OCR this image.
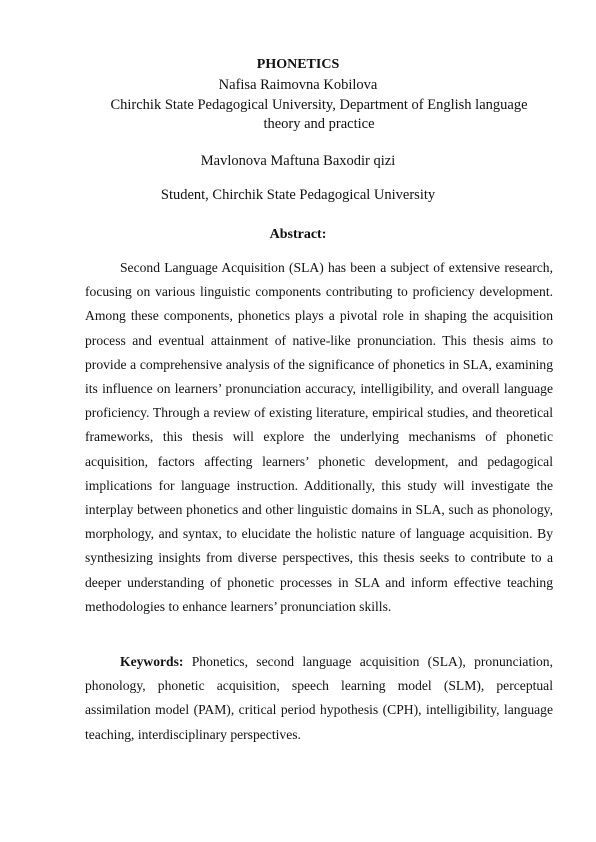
PHONETICS
Nafisa Raimovna Kobilova
Chirchik State Pedagogical University, Department of English language theory and practice
Mavlonova Maftuna Baxodir qizi
Student, Chirchik State Pedagogical University
Abstract:

Second Language Acquisition (SLA) has been a subject of extensive research, focusing on various linguistic components contributing to proficiency development. Among these components, phonetics plays a pivotal role in shaping the acquisition process and eventual attainment of native-like pronunciation. This thesis aims to provide a comprehensive analysis of the significance of phonetics in SLA, examining its influence on learners’ pronunciation accuracy, intelligibility, and overall language proficiency. Through a review of existing literature, empirical studies, and theoretical frameworks, this thesis will explore the underlying mechanisms of phonetic acquisition, factors affecting learners’ phonetic development, and pedagogical implications for language instruction. Additionally, this study will investigate the interplay between phonetics and other linguistic domains in SLA, such as phonology, morphology, and syntax, to elucidate the holistic nature of language acquisition. By synthesizing insights from diverse perspectives, this thesis seeks to contribute to a deeper understanding of phonetic processes in SLA and inform effective teaching methodologies to enhance learners’ pronunciation skills.

Keywords: Phonetics, second language acquisition (SLA), pronunciation, phonology, phonetic acquisition, speech learning model (SLM), perceptual assimilation model (PAM), critical period hypothesis (CPH), intelligibility, language teaching, interdisciplinary perspectives.
